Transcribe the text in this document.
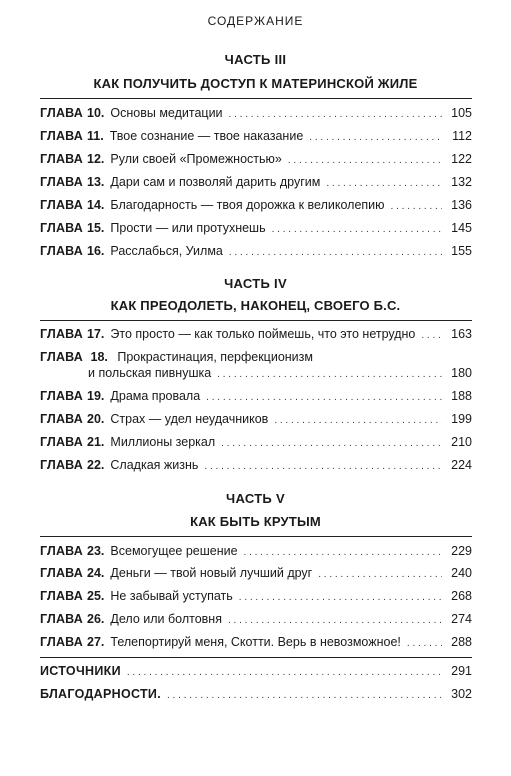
СОДЕРЖАНИЕ
ЧАСТЬ III
КАК ПОЛУЧИТЬ ДОСТУП К МАТЕРИНСКОЙ ЖИЛЕ
ГЛАВА 10. Основы медитации . . .	105
ГЛАВА 11. Твое сознание — твое наказание . . .	112
ГЛАВА 12. Рули своей «Промежностью» . . .	122
ГЛАВА 13. Дари сам и позволяй дарить другим . . .	132
ГЛАВА 14. Благодарность — твоя дорожка к великолепию . . .	136
ГЛАВА 15. Прости — или протухнешь . . .	145
ГЛАВА 16. Расслабься, Уилма . . .	155
ЧАСТЬ IV
КАК ПРЕОДОЛЕТЬ, НАКОНЕЦ, СВОЕГО Б.С.
ГЛАВА 17. Это просто — как только поймешь, что это нетрудно . . .	163
ГЛАВА 18. Прокрастинация, перфекционизм
и польская пивнушка . . .	180
ГЛАВА 19. Драма провала . . .	188
ГЛАВА 20. Страх — удел неудачников . . .	199
ГЛАВА 21. Миллионы зеркал . . .	210
ГЛАВА 22. Сладкая жизнь . . .	224
ЧАСТЬ V
КАК БЫТЬ КРУТЫМ
ГЛАВА 23. Всемогущее решение . . .	229
ГЛАВА 24. Деньги — твой новый лучший друг . . .	240
ГЛАВА 25. Не забывай уступать . . .	268
ГЛАВА 26. Дело или болтовня . . .	274
ГЛАВА 27. Телепортируй меня, Скотти. Верь в невозможное! . . .	288
ИСТОЧНИКИ . . .	291
БЛАГОДАРНОСТИ. . . .	302
